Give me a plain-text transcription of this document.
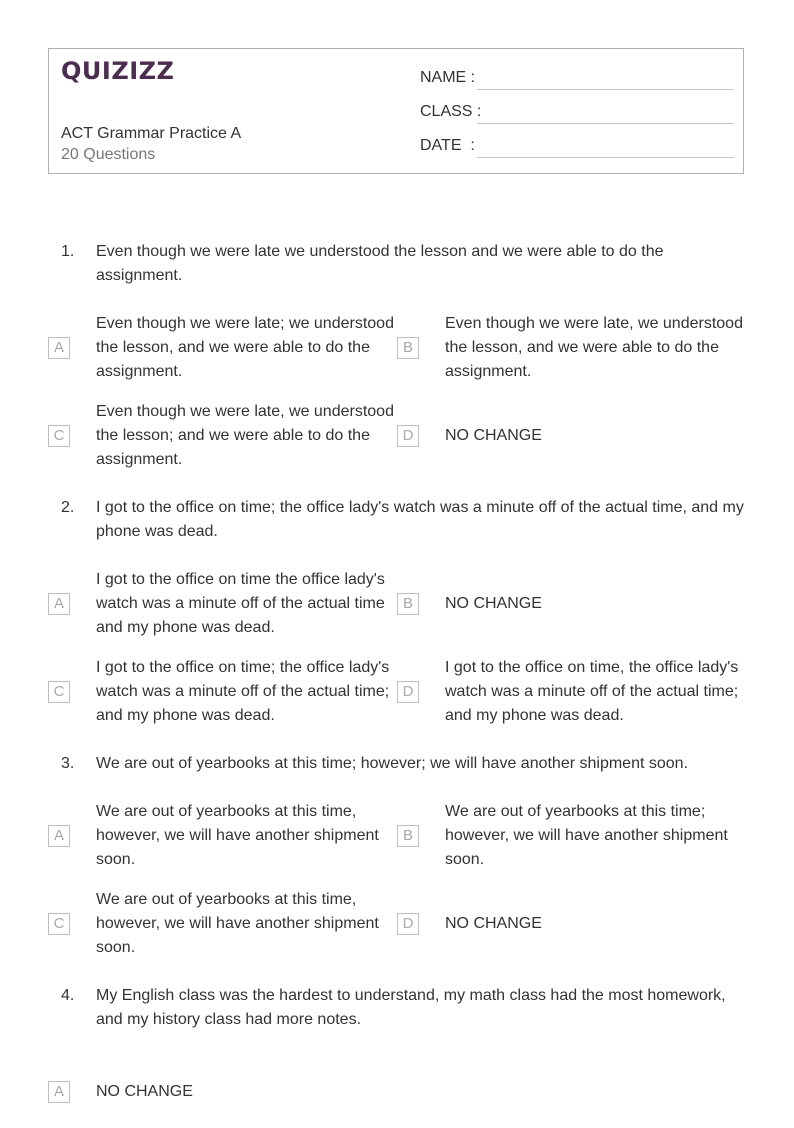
QUIZIZZ
ACT Grammar Practice A
20 Questions
NAME :
CLASS :
DATE  :
1. Even though we were late we understood the lesson and we were able to do the assignment.
A
Even though we were late; we understood the lesson, and we were able to do the assignment.
B
Even though we were late, we understood the lesson, and we were able to do the assignment.
C
Even though we were late, we understood the lesson; and we were able to do the assignment.
D	NO CHANGE
2. I got to the office on time; the office lady's watch was a minute off of the actual time, and my phone was dead.
A
I got to the office on time the office lady's watch was a minute off of the actual time and my phone was dead.
B	NO CHANGE
C
I got to the office on time; the office lady's watch was a minute off of the actual time; and my phone was dead.
D
I got to the office on time, the office lady's watch was a minute off of the actual time; and my phone was dead.
3. We are out of yearbooks at this time; however; we will have another shipment soon.
A
We are out of yearbooks at this time, however, we will have another shipment soon.
B
We are out of yearbooks at this time; however, we will have another shipment soon.
C
We are out of yearbooks at this time, however, we will have another shipment soon.
D	NO CHANGE
4. My English class was the hardest to understand, my math class had the most homework, and my history class had more notes.
A	NO CHANGE
